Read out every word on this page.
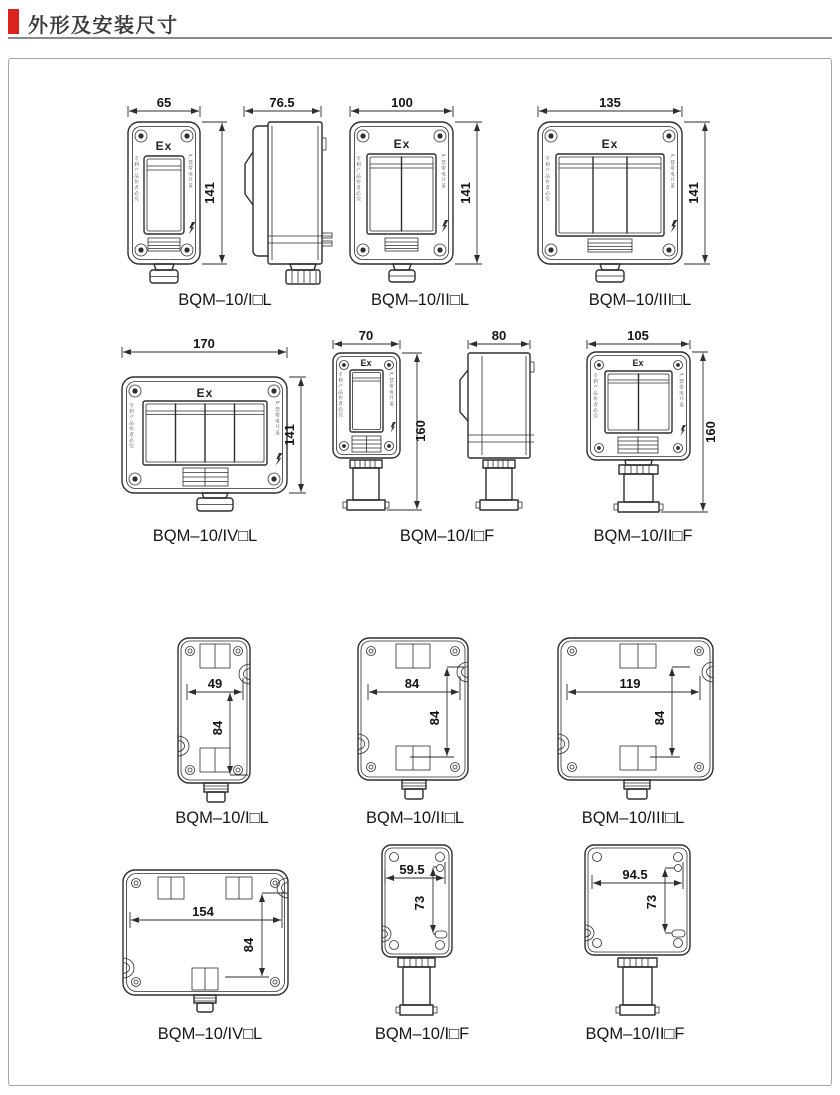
外形及安装尺寸
65
Ex
专利产品仿者必究	严禁带电开盖
141
76.5	100
Ex
专利产品仿者必究	严禁带电开盖
141
135
Ex
专利产品仿者必究	严禁带电开盖
141
170
Ex
专利产品仿者必究	严禁带电开盖 141
70
Ex
专利产品仿者必究	严禁带电开盖
160
80	105
Ex
专利产品仿者必究	严禁带电开盖
160
49
84
84
84
119
84
154
84
59.5
73
94.5
73
BQM–10/I□L	BQM–10/II□L	BQM–10/III□L
BQM–10/IV□L	BQM–10/I□F	BQM–10/II□F
BQM–10/I□L	BQM–10/II□L	BQM–10/III□L
BQM–10/IV□L	BQM–10/I□F	BQM–10/II□F
